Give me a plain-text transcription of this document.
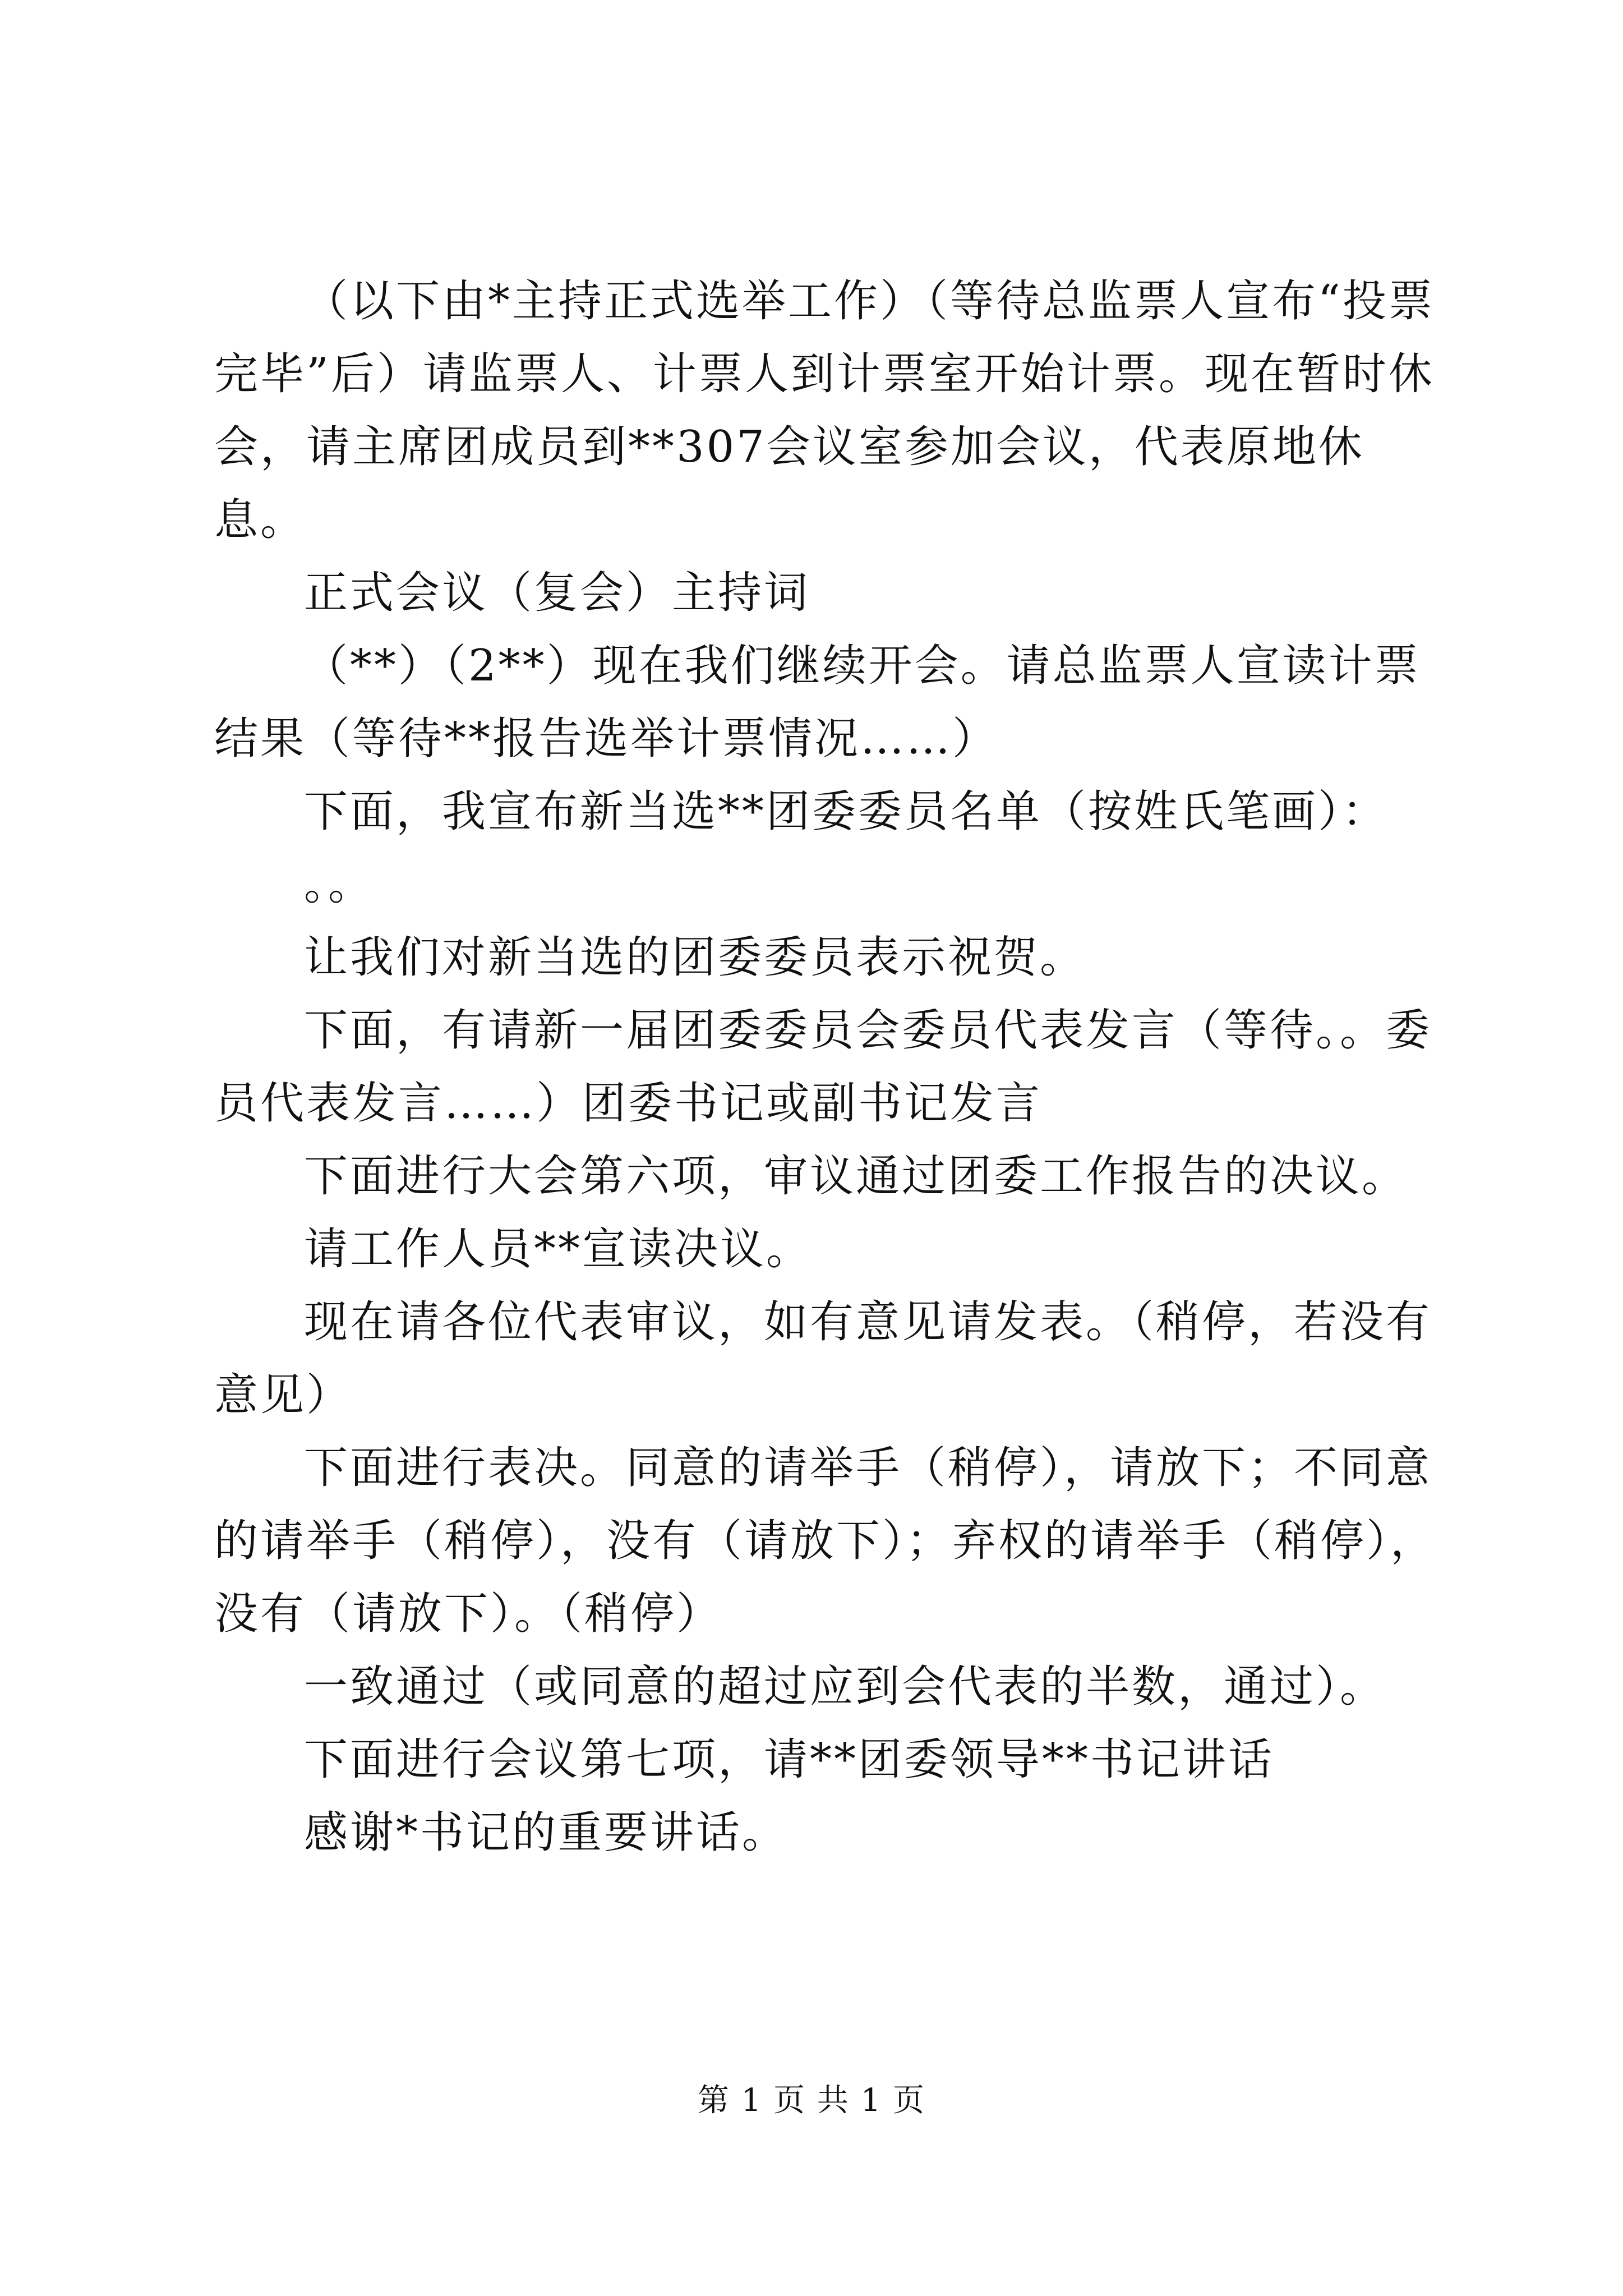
（以下由*主持正式选举工作）（等待总监票人宣布“投票完毕”后）请监票人、计票人到计票室开始计票。现在暂时休会，请主席团成员到**307会议室参加会议，代表原地休息。

正式会议（复会）主持词

（**）（2**）现在我们继续开会。请总监票人宣读计票结果（等待**报告选举计票情况……）

下面，我宣布新当选**团委委员名单（按姓氏笔画）：

。。

让我们对新当选的团委委员表示祝贺。

下面，有请新一届团委委员会委员代表发言（等待。。委员代表发言……）团委书记或副书记发言

下面进行大会第六项，审议通过团委工作报告的决议。

请工作人员**宣读决议。

现在请各位代表审议，如有意见请发表。（稍停，若没有意见）

下面进行表决。同意的请举手（稍停），请放下；不同意的请举手（稍停），没有（请放下）；弃权的请举手（稍停），没有（请放下）。（稍停）

一致通过（或同意的超过应到会代表的半数，通过）。

下面进行会议第七项，请**团委领导**书记讲话

感谢*书记的重要讲话。

第 1 页 共 1 页
